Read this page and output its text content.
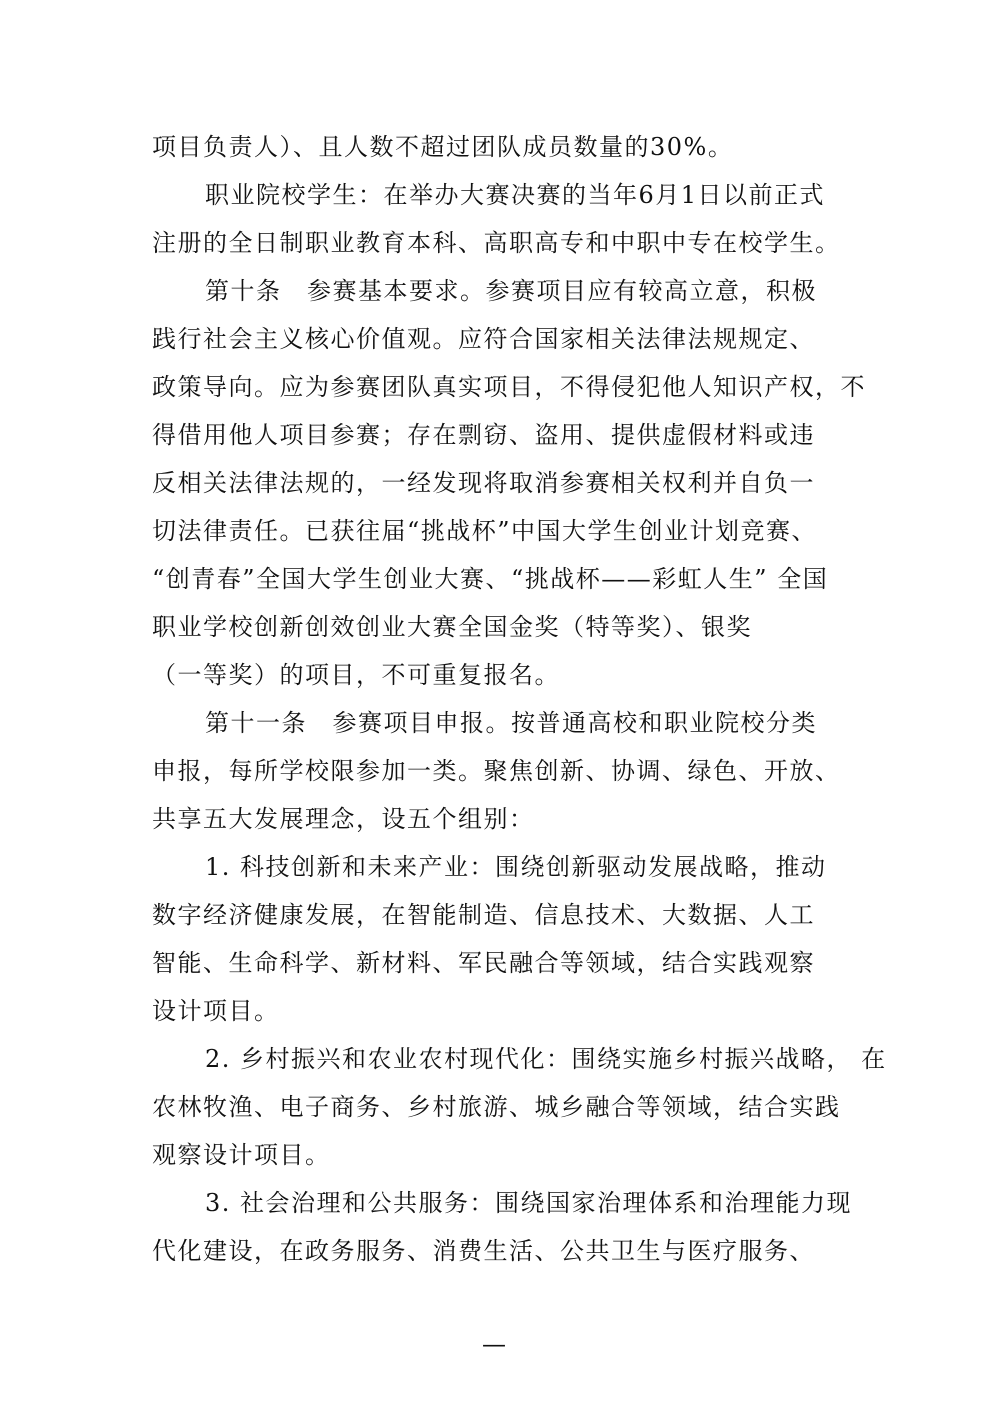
项目负责人）、且人数不超过团队成员数量的30%。
职业院校学生：在举办大赛决赛的当年6月1日以前正式
注册的全日制职业教育本科、高职高专和中职中专在校学生。
第十条　参赛基本要求。参赛项目应有较高立意，积极
践行社会主义核心价值观。应符合国家相关法律法规规定、
政策导向。应为参赛团队真实项目，不得侵犯他人知识产权，不
得借用他人项目参赛；存在剽窃、盗用、提供虚假材料或违
反相关法律法规的，一经发现将取消参赛相关权利并自负一
切法律责任。已获往届“挑战杯”中国大学生创业计划竞赛、
“创青春”全国大学生创业大赛、“挑战杯——彩虹人生” 全国
职业学校创新创效创业大赛全国金奖（特等奖）、银奖
（一等奖）的项目，不可重复报名。
第十一条　参赛项目申报。按普通高校和职业院校分类
申报，每所学校限参加一类。聚焦创新、协调、绿色、开放、
共享五大发展理念，设五个组别：
1. 科技创新和未来产业：围绕创新驱动发展战略，推动
数字经济健康发展，在智能制造、信息技术、大数据、人工
智能、生命科学、新材料、军民融合等领域，结合实践观察
设计项目。
2. 乡村振兴和农业农村现代化：围绕实施乡村振兴战略， 在
农林牧渔、电子商务、乡村旅游、城乡融合等领域，结合实践
观察设计项目。
3. 社会治理和公共服务：围绕国家治理体系和治理能力现
代化建设，在政务服务、消费生活、公共卫生与医疗服务、
—
